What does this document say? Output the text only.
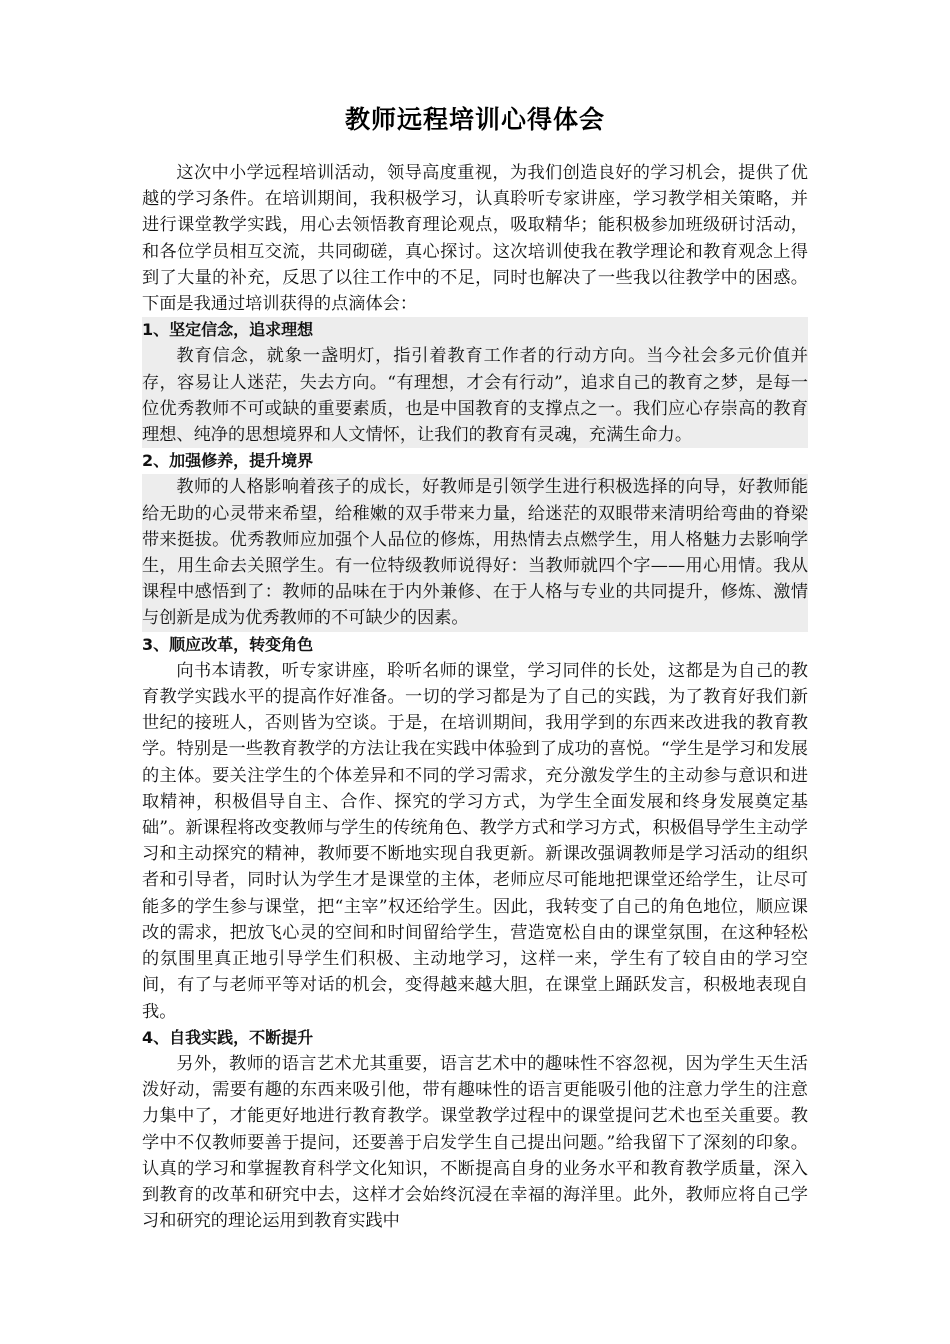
教师远程培训心得体会

这次中小学远程培训活动，领导高度重视，为我们创造良好的学习机会，提供了优越的学习条件。在培训期间，我积极学习，认真聆听专家讲座，学习教学相关策略，并进行课堂教学实践，用心去领悟教育理论观点，吸取精华；能积极参加班级研讨活动，和各位学员相互交流，共同砌磋，真心探讨。这次培训使我在教学理论和教育观念上得到了大量的补充，反思了以往工作中的不足，同时也解决了一些我以往教学中的困惑。下面是我通过培训获得的点滴体会：

1、坚定信念，追求理想

教育信念，就象一盏明灯，指引着教育工作者的行动方向。当今社会多元价值并存，容易让人迷茫，失去方向。“有理想，才会有行动”，追求自己的教育之梦，是每一位优秀教师不可或缺的重要素质，也是中国教育的支撑点之一。我们应心存崇高的教育理想、纯净的思想境界和人文情怀，让我们的教育有灵魂，充满生命力。

2、加强修养，提升境界

教师的人格影响着孩子的成长，好教师是引领学生进行积极选择的向导，好教师能给无助的心灵带来希望，给稚嫩的双手带来力量，给迷茫的双眼带来清明给弯曲的脊梁带来挺拔。优秀教师应加强个人品位的修炼，用热情去点燃学生，用人格魅力去影响学生，用生命去关照学生。有一位特级教师说得好：当教师就四个字——用心用情。我从课程中感悟到了：教师的品味在于内外兼修、在于人格与专业的共同提升，修炼、激情与创新是成为优秀教师的不可缺少的因素。

3、顺应改革，转变角色

向书本请教，听专家讲座，聆听名师的课堂，学习同伴的长处，这都是为自己的教育教学实践水平的提高作好准备。一切的学习都是为了自己的实践，为了教育好我们新世纪的接班人，否则皆为空谈。于是，在培训期间，我用学到的东西来改进我的教育教学。特别是一些教育教学的方法让我在实践中体验到了成功的喜悦。“学生是学习和发展的主体。要关注学生的个体差异和不同的学习需求，充分激发学生的主动参与意识和进取精神，积极倡导自主、合作、探究的学习方式，为学生全面发展和终身发展奠定基础”。新课程将改变教师与学生的传统角色、教学方式和学习方式，积极倡导学生主动学习和主动探究的精神，教师要不断地实现自我更新。新课改强调教师是学习活动的组织者和引导者，同时认为学生才是课堂的主体，老师应尽可能地把课堂还给学生，让尽可能多的学生参与课堂，把“主宰”权还给学生。因此，我转变了自己的角色地位，顺应课改的需求，把放飞心灵的空间和时间留给学生，营造宽松自由的课堂氛围，在这种轻松的氛围里真正地引导学生们积极、主动地学习，这样一来，学生有了较自由的学习空间，有了与老师平等对话的机会，变得越来越大胆，在课堂上踊跃发言，积极地表现自我。

4、自我实践，不断提升

另外，教师的语言艺术尤其重要，语言艺术中的趣味性不容忽视，因为学生天生活泼好动，需要有趣的东西来吸引他，带有趣味性的语言更能吸引他的注意力学生的注意力集中了，才能更好地进行教育教学。课堂教学过程中的课堂提问艺术也至关重要。教学中不仅教师要善于提问，还要善于启发学生自己提出问题。”给我留下了深刻的印象。认真的学习和掌握教育科学文化知识，不断提高自身的业务水平和教育教学质量，深入到教育的改革和研究中去，这样才会始终沉浸在幸福的海洋里。此外，教师应将自己学习和研究的理论运用到教育实践中
